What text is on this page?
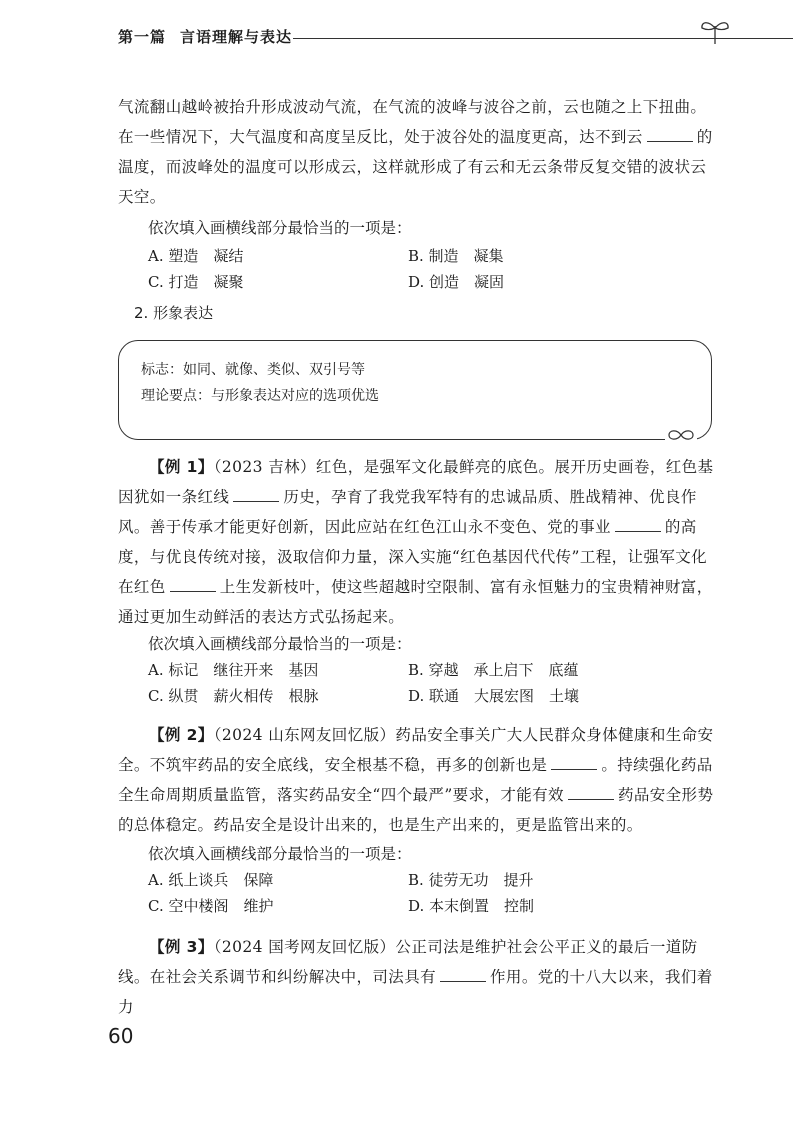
第一篇 言语理解与表达

气流翻山越岭被抬升形成波动气流，在气流的波峰与波谷之前，云也随之上下扭曲。在一些情况下，大气温度和高度呈反比，处于波谷处的温度更高，达不到云	的温度，而波峰处的温度可以形成云，这样就形成了有云和无云条带反复交错的波状云天空。

依次填入画横线部分最恰当的一项是：

A. 塑造　凝结	B. 制造　凝集
C. 打造　凝聚	D. 创造　凝固
2. 形象表达
标志：如同、就像、类似、双引号等
理论要点：与形象表达对应的选项优选

【例 1】（2023 吉林）红色，是强军文化最鲜亮的底色。展开历史画卷，红色基因犹如一条红线	历史，孕育了我党我军特有的忠诚品质、胜战精神、优良作风。善于传承才能更好创新，因此应站在红色江山永不变色、党的事业	的高度，与优良传统对接，汲取信仰力量，深入实施“红色基因代代传”工程，让强军文化在红色	上生发新枝叶，使这些超越时空限制、富有永恒魅力的宝贵精神财富，通过更加生动鲜活的表达方式弘扬起来。

依次填入画横线部分最恰当的一项是：

A. 标记　继往开来　基因	B. 穿越　承上启下　底蕴
C. 纵贯　薪火相传　根脉	D. 联通　大展宏图　土壤

【例 2】（2024 山东网友回忆版）药品安全事关广大人民群众身体健康和生命安全。不筑牢药品的安全底线，安全根基不稳，再多的创新也是	。持续强化药品全生命周期质量监管，落实药品安全“四个最严”要求，才能有效	药品安全形势的总体稳定。药品安全是设计出来的，也是生产出来的，更是监管出来的。

依次填入画横线部分最恰当的一项是：

A. 纸上谈兵　保障	B. 徒劳无功　提升
C. 空中楼阁　维护	D. 本末倒置　控制

【例 3】（2024 国考网友回忆版）公正司法是维护社会公平正义的最后一道防线。在社会关系调节和纠纷解决中，司法具有	作用。党的十八大以来，我们着力

60
